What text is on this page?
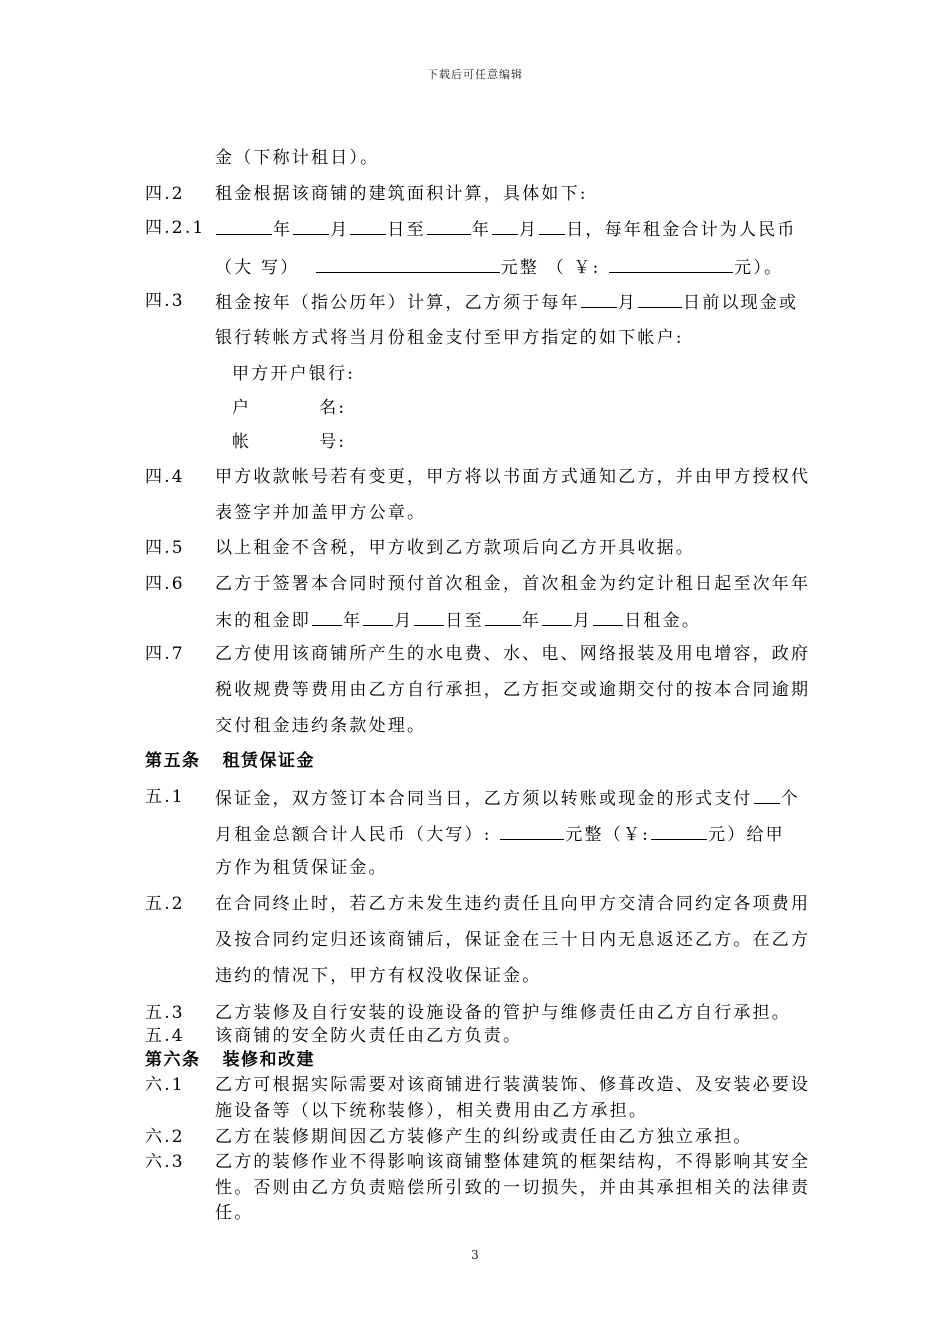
下载后可任意编辑
金（下称计租日）。
四.2 租金根据该商铺的建筑面积计算，具体如下:
四.2.1	年 月 日至	年 月 日，每年租金合计为人民币
（大 写）	元整 （ ￥:	元）。
四.3 租金按年（指公历年）计算，乙方须于每年 月	日前以现金或
银行转帐方式将当月份租金支付至甲方指定的如下帐户:
甲方开户银行:
户	名:
帐	号:
四.4 甲方收款帐号若有变更，甲方将以书面方式通知乙方，并由甲方授权代
表签字并加盖甲方公章。
四.5 以上租金不含税，甲方收到乙方款项后向乙方开具收据。
四.6 乙方于签署本合同时预付首次租金，首次租金为约定计租日起至次年年
末的租金即 年 月 日至 年 月 日租金。
四.7 乙方使用该商铺所产生的水电费、水、电、网络报装及用电增容，政府
税收规费等费用由乙方自行承担，乙方拒交或逾期交付的按本合同逾期
交付租金违约条款处理。
第五条 租赁保证金
五.1 保证金，双方签订本合同当日，乙方须以转账或现金的形式支付 个
月租金总额合计人民币（大写）:	元整（￥:	元）给甲
方作为租赁保证金。
五.2 在合同终止时，若乙方未发生违约责任且向甲方交清合同约定各项费用
及按合同约定归还该商铺后，保证金在三十日内无息返还乙方。在乙方
违约的情况下，甲方有权没收保证金。
五.3 乙方装修及自行安装的设施设备的管护与维修责任由乙方自行承担。
五.4 该商铺的安全防火责任由乙方负责。
第六条 装修和改建
六.1 乙方可根据实际需要对该商铺进行装潢装饰、修葺改造、及安装必要设
施设备等（以下统称装修），相关费用由乙方承担。
六.2 乙方在装修期间因乙方装修产生的纠纷或责任由乙方独立承担。
六.3 乙方的装修作业不得影响该商铺整体建筑的框架结构，不得影响其安全
性。否则由乙方负责赔偿所引致的一切损失，并由其承担相关的法律责
任。
3
